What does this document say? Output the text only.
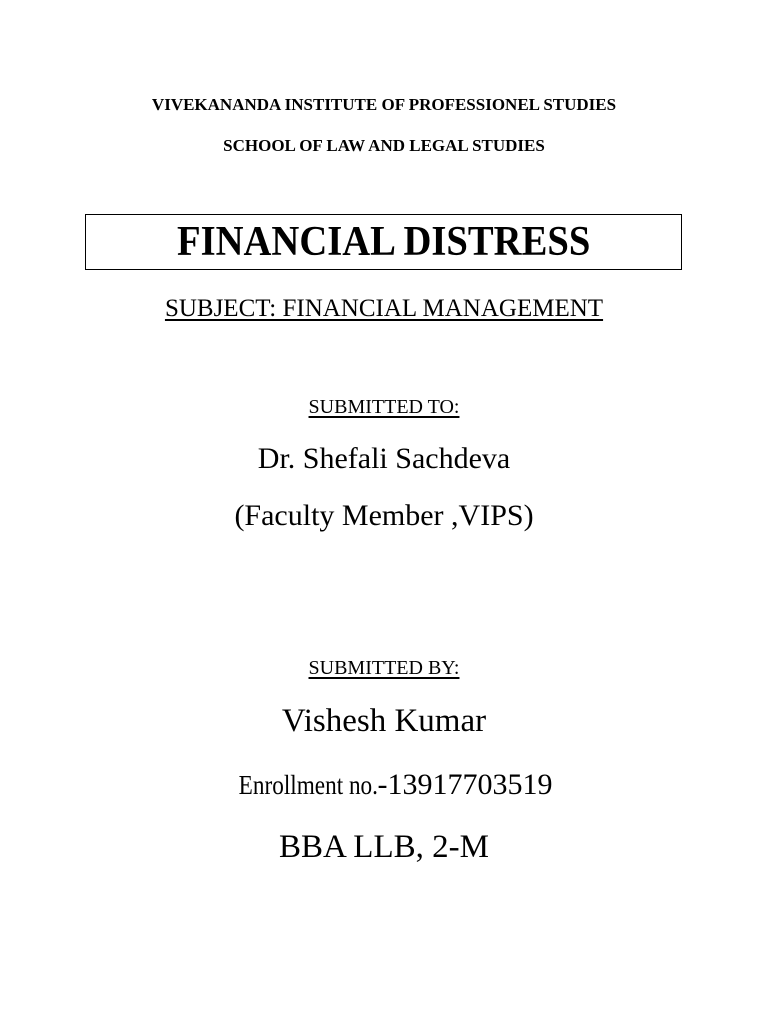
VIVEKANANDA INSTITUTE OF PROFESSIONEL STUDIES
SCHOOL OF LAW AND LEGAL STUDIES
FINANCIAL DISTRESS
SUBJECT: FINANCIAL MANAGEMENT
SUBMITTED TO:
Dr. Shefali Sachdeva
(Faculty Member ,VIPS)
SUBMITTED BY:
Vishesh Kumar
Enrollment no.-13917703519
BBA LLB, 2-M
